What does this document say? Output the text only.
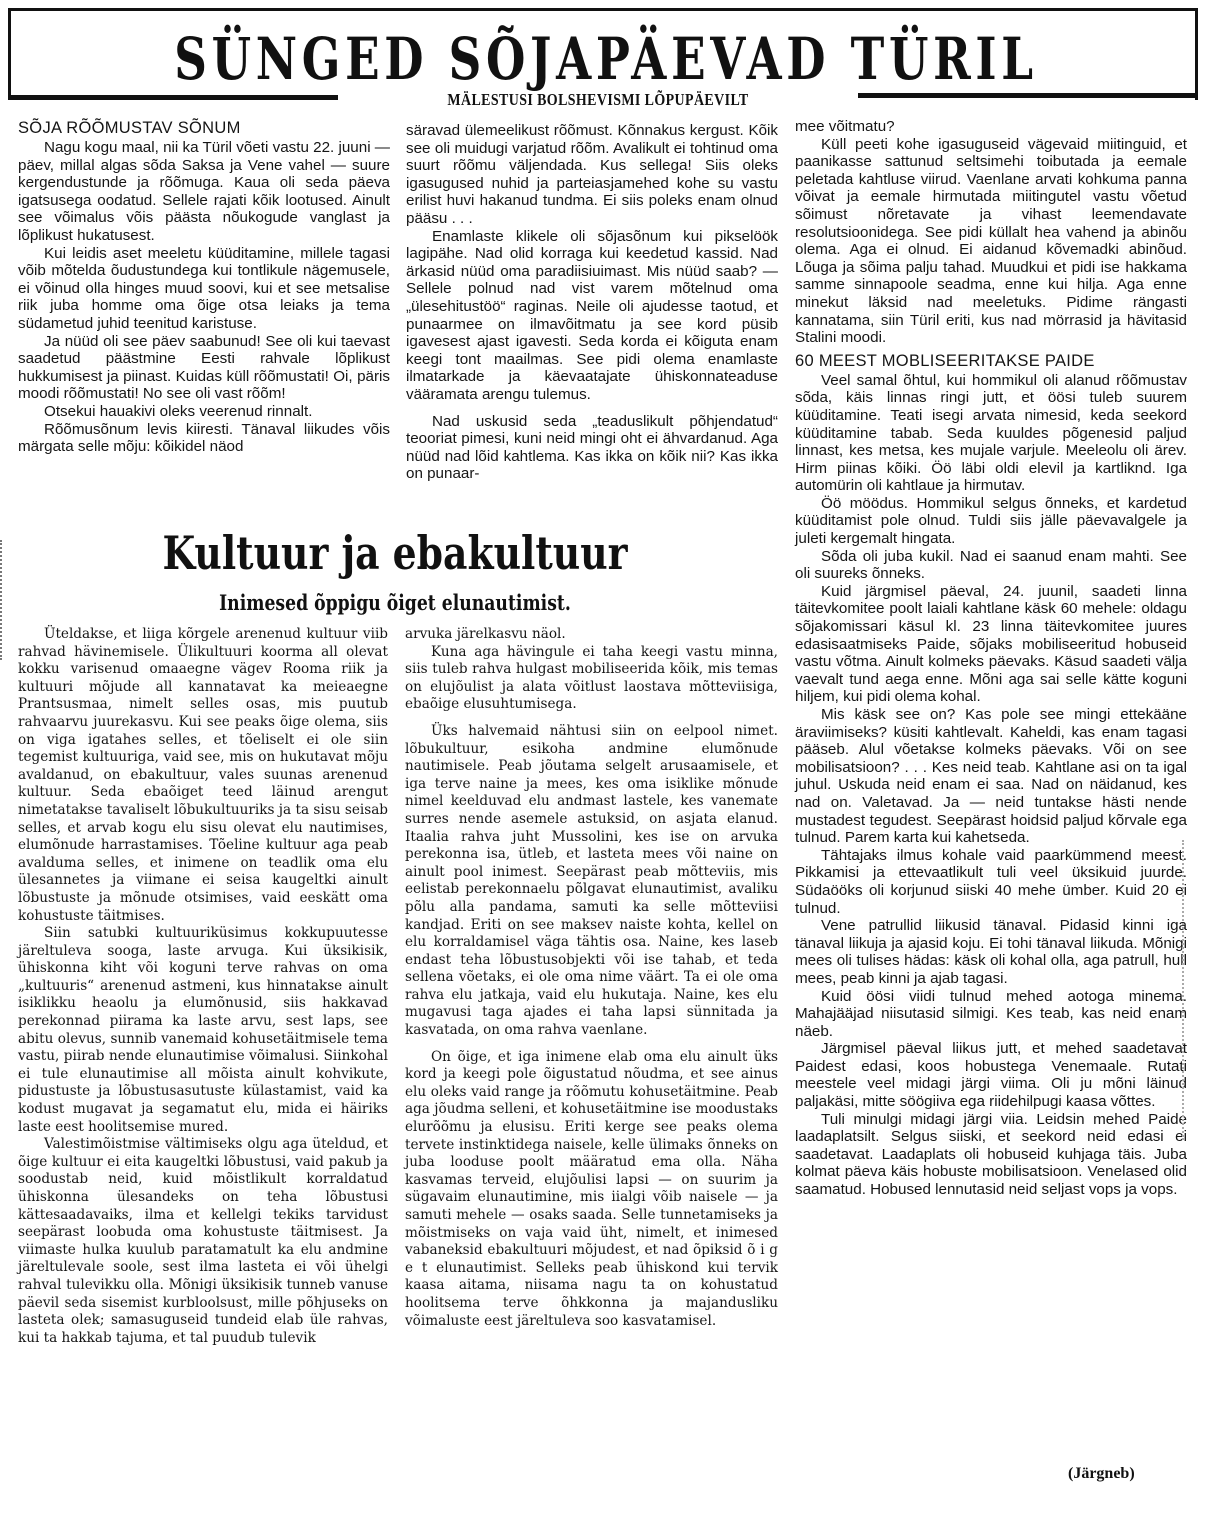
SÜNGED SÕJAPÄEVAD TÜRIL
MÄLESTUSI BOLSHEVISMI LÕPUPÄEVILT
SÕJA RÕÕMUSTAV SÕNUM

Nagu kogu maal, nii ka Türil võeti vastu 22. juuni — päev, millal algas sõda Saksa ja Vene vahel — suure kergendustunde ja rõõmuga. Kaua oli seda päeva igatsusega oodatud. Sellele rajati kõik lootused. Ainult see võimalus võis päästa nõukogude vanglast ja lõplikust hukatusest.

Kui leidis aset meeletu küüditamine, millele tagasi võib mõtelda õudustundega kui tontlikule nägemusele, ei võinud olla hinges muud soovi, kui et see metsalise riik juba homme oma õige otsa leiaks ja tema südametud juhid teenitud karistuse.

Ja nüüd oli see päev saabunud! See oli kui taevast saadetud päästmine Eesti rahvale lõplikust hukkumisest ja piinast. Kuidas küll rõõmustati! Oi, päris moodi rõõmustati! No see oli vast rõõm!

Otsekui hauakivi oleks veerenud rinnalt.

Rõõmusõnum levis kiiresti. Tänaval liikudes võis märgata selle mõju: kõikidel näod

säravad ülemeelikust rõõmust. Kõnnakus kergust. Kõik see oli muidugi varjatud rõõm. Avalikult ei tohtinud oma suurt rõõmu väljendada. Kus sellega! Siis oleks igasugused nuhid ja parteiasjamehed kohe su vastu erilist huvi hakanud tundma. Ei siis poleks enam olnud pääsu . . .

Enamlaste klikele oli sõjasõnum kui pikselöök lagipähe. Nad olid korraga kui keedetud kassid. Nad ärkasid nüüd oma paradiisiuimast. Mis nüüd saab? — Sellele polnud nad vist varem mõtelnud oma „ülesehitustöö“ raginas. Neile oli ajudesse taotud, et punaarmee on ilmavõitmatu ja see kord püsib igavesest ajast igavesti. Seda korda ei kõiguta enam keegi tont maailmas. See pidi olema enamlaste ilmatarkade ja käevaatajate ühiskonnateaduse vääramata arengu tulemus.

Nad uskusid seda „teaduslikult põhjendatud“ teooriat pimesi, kuni neid mingi oht ei ähvardanud. Aga nüüd nad lõid kahtlema. Kas ikka on kõik nii? Kas ikka on punaar-

mee võitmatu?

Küll peeti kohe igasuguseid vägevaid miitinguid, et paanikasse sattunud seltsimehi toibutada ja eemale peletada kahtluse viirud. Vaenlane arvati kohkuma panna võivat ja eemale hirmutada miitingutel vastu võetud sõimust nõretavate ja vihast leemendavate resolutsioonidega. See pidi küllalt hea vahend ja abinõu olema. Aga ei olnud. Ei aidanud kõvemadki abinõud. Lõuga ja sõima palju tahad. Muudkui et pidi ise hakkama samme sinnapoole seadma, enne kui hilja. Aga enne minekut läksid nad meeletuks. Pidime rängasti kannatama, siin Türil eriti, kus nad mörrasid ja hävitasid Stalini moodi.

60 MEEST MOBLISEERITAKSE PAIDE

Veel samal õhtul, kui hommikul oli alanud rõõmustav sõda, käis linnas ringi jutt, et öösi tuleb suurem küüditamine. Teati isegi arvata nimesid, keda seekord küüditamine tabab. Seda kuuldes põgenesid paljud linnast, kes metsa, kes mujale varjule. Meeleolu oli ärev. Hirm piinas kõiki. Öö läbi oldi elevil ja kartliknd. Iga automürin oli kahtlaue ja hirmutav.

Öö möödus. Hommikul selgus õnneks, et kardetud küüditamist pole olnud. Tuldi siis jälle päevavalgele ja juleti kergemalt hingata.

Sõda oli juba kukil. Nad ei saanud enam mahti. See oli suureks õnneks.

Kuid järgmisel päeval, 24. juunil, saadeti linna täitevkomitee poolt laiali kahtlane käsk 60 mehele: oldagu sõjakomissari käsul kl. 23 linna täitevkomitee juures edasisaatmiseks Paide, sõjaks mobiliseeritud hobuseid vastu võtma. Ainult kolmeks päevaks. Käsud saadeti välja vaevalt tund aega enne. Mõni aga sai selle kätte koguni hiljem, kui pidi olema kohal.

Mis käsk see on? Kas pole see mingi ettekääne äraviimiseks? küsiti kahtlevalt. Kaheldi, kas enam tagasi pääseb. Alul võetakse kolmeks päevaks. Või on see mobilisatsioon? . . . Kes neid teab. Kahtlane asi on ta igal juhul. Uskuda neid enam ei saa. Nad on näidanud, kes nad on. Valetavad. Ja — neid tuntakse hästi nende mustadest tegudest. Seepärast hoidsid paljud kõrvale ega tulnud. Parem karta kui kahetseda.

Tähtajaks ilmus kohale vaid paarkümmend meest. Pikkamisi ja ettevaatlikult tuli veel üksikuid juurde. Südaööks oli korjunud siiski 40 mehe ümber. Kuid 20 ei tulnud.

Vene patrullid liikusid tänaval. Pidasid kinni iga tänaval liikuja ja ajasid koju. Ei tohi tänaval liikuda. Mõnigi mees oli tulises hädas: käsk oli kohal olla, aga patrull, hull mees, peab kinni ja ajab tagasi.

Kuid öösi viidi tulnud mehed aotoga minema. Mahajääjad niisutasid silmigi. Kes teab, kas neid enam näeb.

Järgmisel päeval liikus jutt, et mehed saadetavat Paidest edasi, koos hobustega Venemaale. Rutati meestele veel midagi järgi viima. Oli ju mõni läinud paljakäsi, mitte söögiiva ega riidehilpugi kaasa võttes.

Tuli minulgi midagi järgi viia. Leidsin mehed Paide laadaplatsilt. Selgus siiski, et seekord neid edasi ei saadetavat. Laadaplats oli hobuseid kuhjaga täis. Juba kolmat päeva käis hobuste mobilisatsioon. Venelased olid saamatud. Hobused lennutasid neid seljast vops ja vops.

(Järgneb)
Kultuur ja ebakultuur
Inimesed õppigu õiget elunautimist.

Üteldakse, et liiga kõrgele arenenud kultuur viib rahvad hävinemisele. Ülikultuuri koorma all olevat kokku varisenud omaaegne vägev Rooma riik ja kultuuri mõjude all kannatavat ka meieaegne Prantsusmaa, nimelt selles osas, mis puutub rahvaarvu juurekasvu. Kui see peaks õige olema, siis on viga igatahes selles, et tõeliselt ei ole siin tegemist kultuuriga, vaid see, mis on hukutavat mõju avaldanud, on ebakultuur, vales suunas arenenud kultuur. Seda ebaõiget teed läinud arengut nimetatakse tavaliselt lõbukultuuriks ja ta sisu seisab selles, et arvab kogu elu sisu olevat elu nautimises, elumõnude harrastamises. Tõeline kultuur aga peab avalduma selles, et inimene on teadlik oma elu ülesannetes ja viimane ei seisa kaugeltki ainult lõbustuste ja mõnude otsimises, vaid eeskätt oma kohustuste täitmises.

Siin satubki kultuuriküsimus kokkupuutesse järeltuleva sooga, laste arvuga. Kui üksikisik, ühiskonna kiht või koguni terve rahvas on oma „kultuuris“ arenenud astmeni, kus hinnatakse ainult isiklikku heaolu ja elumõnusid, siis hakkavad perekonnad piirama ka laste arvu, sest laps, see abitu olevus, sunnib vanemaid kohusetäitmisele tema vastu, piirab nende elunautimise võimalusi. Siinkohal ei tule elunautimise all mõista ainult kohvikute, pidustuste ja lõbustusasutuste külastamist, vaid ka kodust mugavat ja segamatut elu, mida ei häiriks laste eest hoolitsemise mured.

Valestimõistmise vältimiseks olgu aga üteldud, et õige kultuur ei eita kaugeltki lõbustusi, vaid pakub ja soodustab neid, kuid mõistlikult korraldatud ühiskonna ülesandeks on teha lõbustusi kättesaadavaiks, ilma et kellelgi tekiks tarvidust seepärast loobuda oma kohustuste täitmisest. Ja viimaste hulka kuulub paratamatult ka elu andmine järeltulevale soole, sest ilma lasteta ei või ühelgi rahval tulevikku olla. Mõnigi üksikisik tunneb vanuse päevil seda sisemist kurbloolsust, mille põhjuseks on lasteta olek; samasuguseid tundeid elab üle rahvas, kui ta hakkab tajuma, et tal puudub tulevik

arvuka järelkasvu näol.

Kuna aga hävingule ei taha keegi vastu minna, siis tuleb rahva hulgast mobiliseerida kõik, mis temas on elujõulist ja alata võitlust laostava mõtteviisiga, ebaõige elusuhtumisega.

Üks halvemaid nähtusi siin on eelpool nimet. lõbukultuur, esikoha andmine elumõnude nautimisele. Peab jõutama selgelt arusaamisele, et iga terve naine ja mees, kes oma isiklike mõnude nimel keelduvad elu andmast lastele, kes vanemate surres nende asemele astuksid, on asjata elanud. Itaalia rahva juht Mussolini, kes ise on arvuka perekonna isa, ütleb, et lasteta mees või naine on ainult pool inimest. Seepärast peab mõtteviis, mis eelistab perekonnaelu põlgavat elunautimist, avaliku põlu alla pandama, samuti ka selle mõtteviisi kandjad. Eriti on see maksev naiste kohta, kellel on elu korraldamisel väga tähtis osa. Naine, kes laseb endast teha lõbustusobjekti või ise tahab, et teda sellena võetaks, ei ole oma nime väärt. Ta ei ole oma rahva elu jatkaja, vaid elu hukutaja. Naine, kes elu mugavusi taga ajades ei taha lapsi sünnitada ja kasvatada, on oma rahva vaenlane.

On õige, et iga inimene elab oma elu ainult üks kord ja keegi pole õigustatud nõudma, et see ainus elu oleks vaid range ja rõõmutu kohusetäitmine. Peab aga jõudma selleni, et kohusetäitmine ise moodustaks elurõõmu ja elusisu. Eriti kerge see peaks olema tervete instinktidega naisele, kelle ülimaks õnneks on juba looduse poolt määratud ema olla. Näha kasvamas terveid, elujõulisi lapsi — on suurim ja sügavaim elunautimine, mis iialgi võib naisele — ja samuti mehele — osaks saada. Selle tunnetamiseks ja mõistmiseks on vaja vaid üht, nimelt, et inimesed vabaneksid ebakultuuri mõjudest, et nad õpiksid õ i g e t elunautimist. Selleks peab ühiskond kui tervik kaasa aitama, niisama nagu ta on kohustatud hoolitsema terve õhkkonna ja majandusliku võimaluste eest järeltuleva soo kasvatamisel.
